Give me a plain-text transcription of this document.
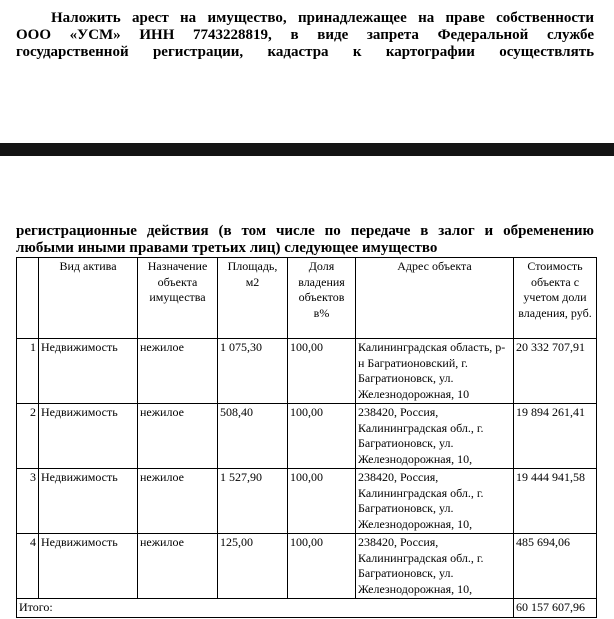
Наложить арест на имущество, принадлежащее на праве собственности
ООО «УСМ» ИНН 7743228819, в виде запрета Федеральной службе
государственной регистрации, кадастра к картографии осуществлять
регистрационные действия (в том числе по передаче в залог и обременению
любыми иными правами третьих лиц) следующее имущество
	Вид актива	Назначение объекта имущества	Площадь, м2	Доля владения объектов в%	Адрес объекта	Стоимость объекта с учетом доли владения, руб.
1	Недвижимость	нежилое	1 075,30	100,00	Калининградская область, р-н Багратионовский, г. Багратионовск, ул. Железнодорожная, 10	20 332 707,91
2	Недвижимость	нежилое	508,40	100,00	238420, Россия, Калининградская обл., г. Багратионовск, ул. Железнодорожная, 10,	19 894 261,41
3	Недвижимость	нежилое	1 527,90	100,00	238420, Россия, Калининградская обл., г. Багратионовск, ул. Железнодорожная, 10,	19 444 941,58
4	Недвижимость	нежилое	125,00	100,00	238420, Россия, Калининградская обл., г. Багратионовск, ул. Железнодорожная, 10,	485 694,06
Итого:						60 157 607,96
